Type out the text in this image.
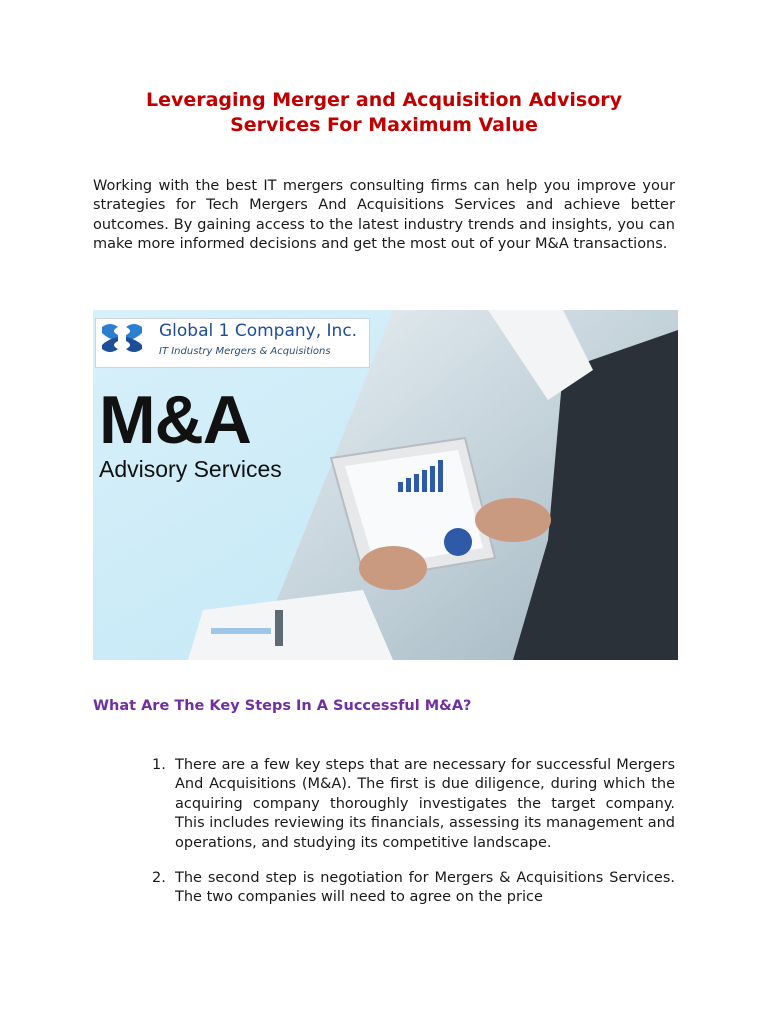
Leveraging Merger and Acquisition Advisory Services For Maximum Value

Working with the best IT mergers consulting firms can help you improve your strategies for Tech Mergers And Acquisitions Services and achieve better outcomes. By gaining access to the latest industry trends and insights, you can make more informed decisions and get the most out of your M&A transactions.

Global 1 Company, Inc.
IT Industry Mergers & Acquisitions
M&A
Advisory Services
What Are The Key Steps In A Successful M&A?
1. There are a few key steps that are necessary for successful Mergers And Acquisitions (M&A). The first is due diligence, during which the acquiring company thoroughly investigates the target company. This includes reviewing its financials, assessing its management and operations, and studying its competitive landscape.
2. The second step is negotiation for Mergers & Acquisitions Services. The two companies will need to agree on the price
